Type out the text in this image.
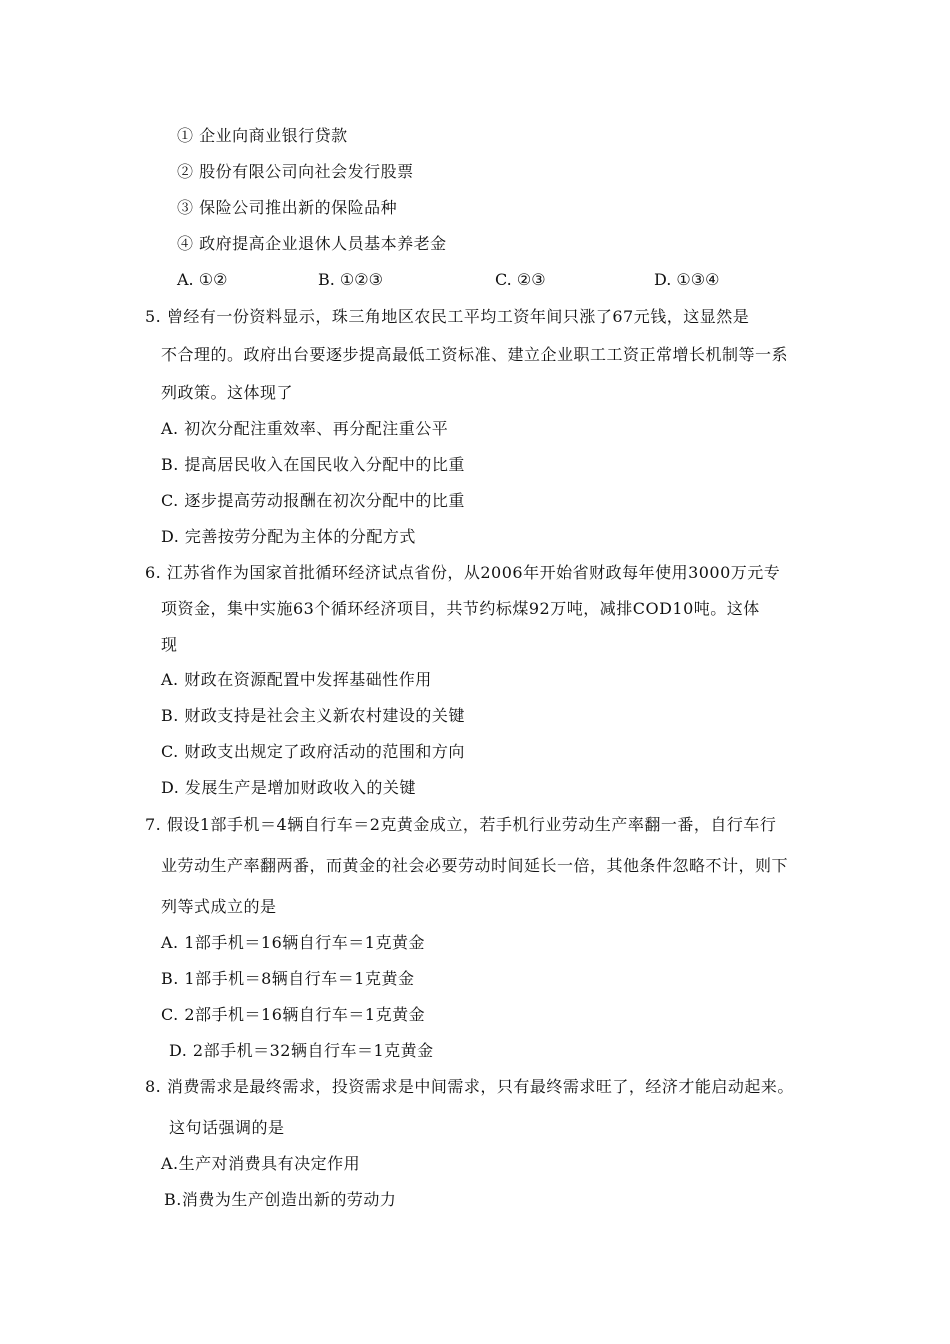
① 企业向商业银行贷款
② 股份有限公司向社会发行股票
③ 保险公司推出新的保险品种
④ 政府提高企业退休人员基本养老金
A. ①②	B. ①②③	C. ②③	D. ①③④
5. 曾经有一份资料显示，珠三角地区农民工平均工资年间只涨了67元钱，这显然是
不合理的。政府出台要逐步提高最低工资标准、建立企业职工工资正常增长机制等一系
列政策。这体现了
A. 初次分配注重效率、再分配注重公平
B. 提高居民收入在国民收入分配中的比重
C. 逐步提高劳动报酬在初次分配中的比重
D. 完善按劳分配为主体的分配方式
6. 江苏省作为国家首批循环经济试点省份，从2006年开始省财政每年使用3000万元专
项资金，集中实施63个循环经济项目，共节约标煤92万吨，减排COD10吨。这体
现
A. 财政在资源配置中发挥基础性作用
B. 财政支持是社会主义新农村建设的关键
C. 财政支出规定了政府活动的范围和方向
D. 发展生产是增加财政收入的关键
7. 假设1部手机＝4辆自行车＝2克黄金成立，若手机行业劳动生产率翻一番，自行车行
业劳动生产率翻两番，而黄金的社会必要劳动时间延长一倍，其他条件忽略不计，则下
列等式成立的是
A. 1部手机＝16辆自行车＝1克黄金
B. 1部手机＝8辆自行车＝1克黄金
C. 2部手机＝16辆自行车＝1克黄金
D. 2部手机＝32辆自行车＝1克黄金
8. 消费需求是最终需求，投资需求是中间需求，只有最终需求旺了，经济才能启动起来。
这句话强调的是
A.生产对消费具有决定作用
B.消费为生产创造出新的劳动力
